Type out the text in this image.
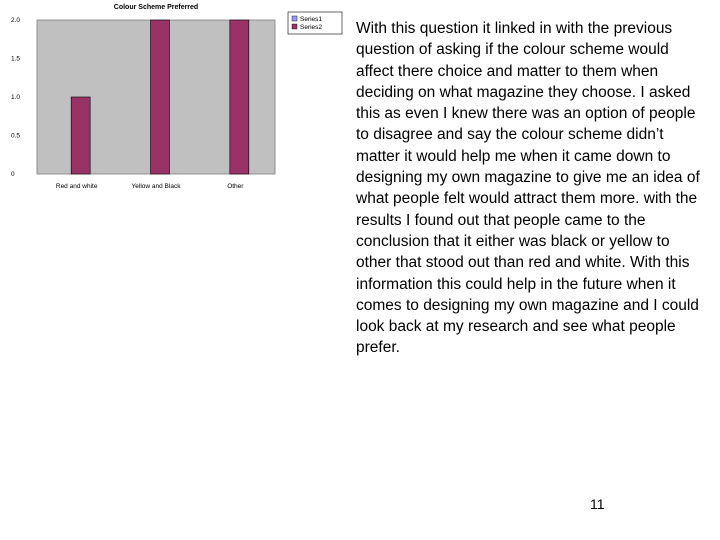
Colour Scheme Preferred
0
0.5
1.0
1.5
2.0
Red and white	Yellow and Black	Other
Series1
Series2 With this question it linked in with the previous question of asking if the colour scheme would affect there choice and matter to them when deciding on what magazine they choose. I asked this as even I knew there was an option of people to disagree and say the colour scheme didn’t matter it would help me when it came down to designing my own magazine to give me an idea of what people felt would attract them more. with the results I found out that people came to the conclusion that it either was black or yellow to other that stood out than red and white. With this information this could help in the future when it comes to designing my own magazine and I could look back at my research and see what people prefer.

11
